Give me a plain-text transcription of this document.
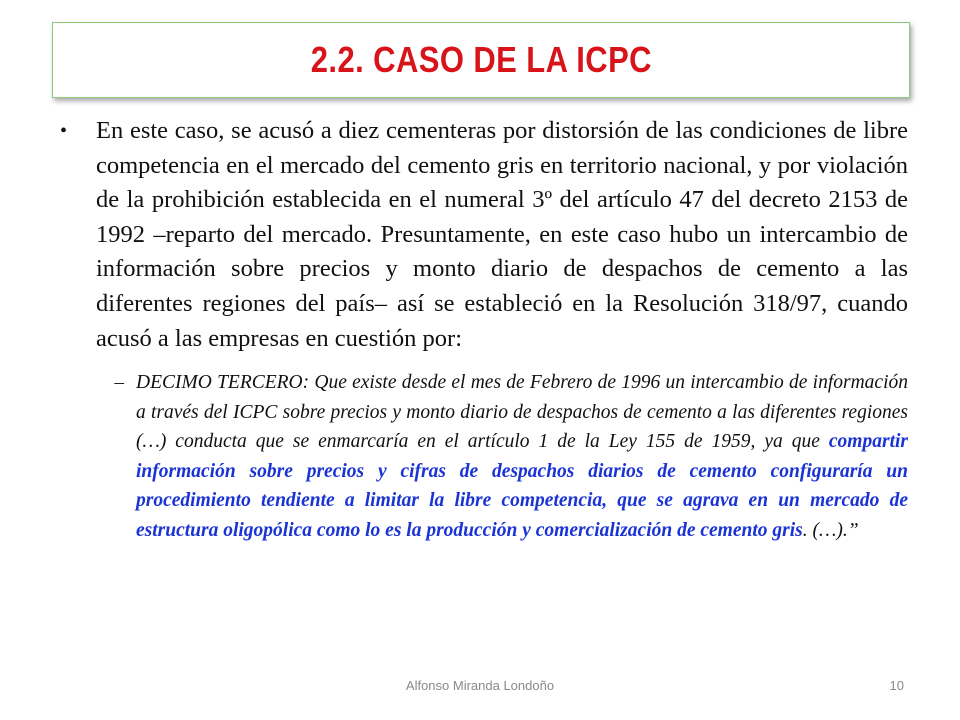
2.2. CASO DE LA ICPC
•	En este caso, se acusó a diez cementeras por distorsión de las condiciones de libre competencia en el mercado del cemento gris en territorio nacional, y por violación de la prohibición establecida en el numeral 3º del artículo 47 del decreto 2153 de 1992 –reparto del mercado. Presuntamente, en este caso hubo un intercambio de información sobre precios y monto diario de despachos de cemento a las diferentes regiones del país– así se estableció en la Resolución 318/97, cuando acusó a las empresas en cuestión por:

– DECIMO TERCERO: Que existe desde el mes de Febrero de 1996 un intercambio de información a través del ICPC sobre precios y monto diario de despachos de cemento a las diferentes regiones (…) conducta que se enmarcaría en el artículo 1 de la Ley 155 de 1959, ya que compartir información sobre precios y cifras de despachos diarios de cemento configuraría un procedimiento tendiente a limitar la libre competencia, que se agrava en un mercado de estructura oligopólica como lo es la producción y comercialización de cemento gris. (…).”

Alfonso Miranda Londoño	10
